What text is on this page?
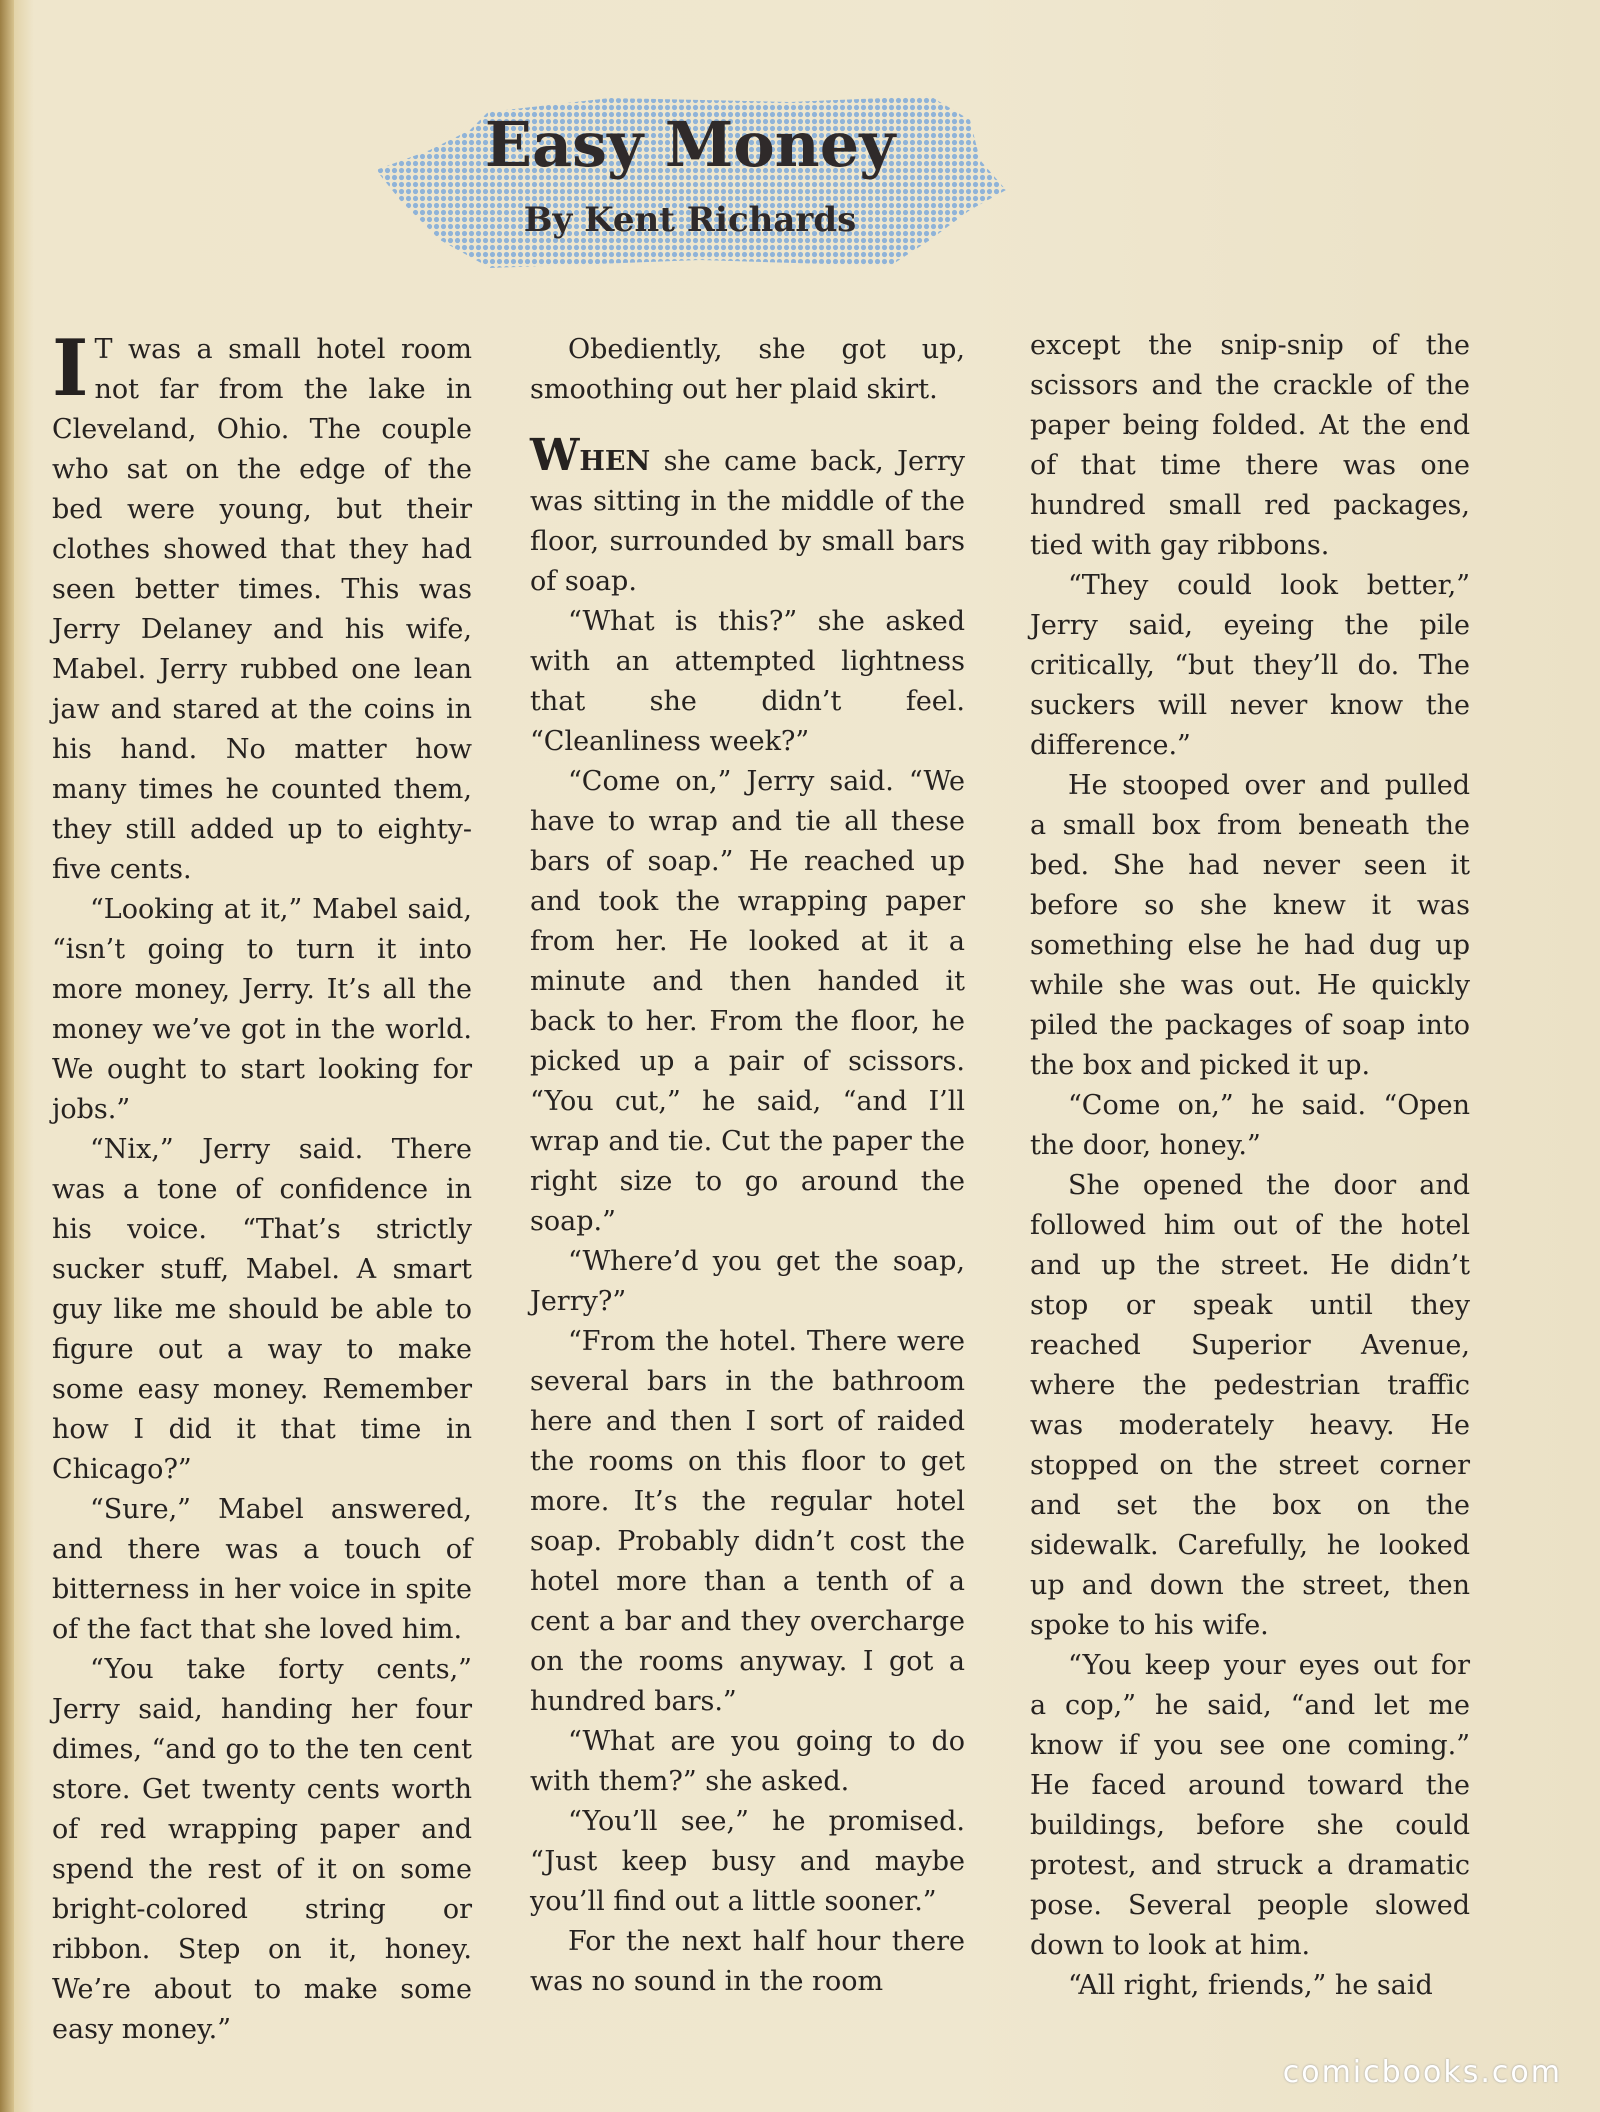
Easy Money
By Kent Richards

I T was a small hotel room not far from the lake in Cleveland, Ohio. The couple who sat on the edge of the bed were young, but their clothes showed that they had seen better times. This was Jerry Delaney and his wife, Mabel. Jerry rubbed one lean jaw and stared at the coins in his hand. No matter how many times he counted them, they still added up to eighty-five cents.

“Looking at it,” Mabel said, “isn’t going to turn it into more money, Jerry. It’s all the money we’ve got in the world. We ought to start looking for jobs.”

“Nix,” Jerry said. There was a tone of confidence in his voice. “That’s strictly sucker stuff, Mabel. A smart guy like me should be able to figure out a way to make some easy money. Remember how I did it that time in Chicago?”

“Sure,” Mabel answered, and there was a touch of bitterness in her voice in spite of the fact that she loved him.

“You take forty cents,” Jerry said, handing her four dimes, “and go to the ten cent store. Get twenty cents worth of red wrapping paper and spend the rest of it on some bright-colored string or ribbon. Step on it, honey. We’re about to make some easy money.”

Obediently, she got up, smoothing out her plaid skirt.

WHEN she came back, Jerry was sitting in the middle of the floor, surrounded by small bars of soap.

“What is this?” she asked with an attempted lightness that she didn’t feel. “Cleanliness week?”

“Come on,” Jerry said. “We have to wrap and tie all these bars of soap.” He reached up and took the wrapping paper from her. He looked at it a minute and then handed it back to her. From the floor, he picked up a pair of scissors. “You cut,” he said, “and I’ll wrap and tie. Cut the paper the right size to go around the soap.”

“Where’d you get the soap, Jerry?”

“From the hotel. There were several bars in the bathroom here and then I sort of raided the rooms on this floor to get more. It’s the regular hotel soap. Probably didn’t cost the hotel more than a tenth of a cent a bar and they overcharge on the rooms anyway. I got a hundred bars.”

“What are you going to do with them?” she asked.

“You’ll see,” he promised. “Just keep busy and maybe you’ll find out a little sooner.”

For the next half hour there was no sound in the room

except the snip-snip of the scissors and the crackle of the paper being folded. At the end of that time there was one hundred small red packages, tied with gay ribbons.

“They could look better,” Jerry said, eyeing the pile critically, “but they’ll do. The suckers will never know the difference.”

He stooped over and pulled a small box from beneath the bed. She had never seen it before so she knew it was something else he had dug up while she was out. He quickly piled the packages of soap into the box and picked it up.

“Come on,” he said. “Open the door, honey.”

She opened the door and followed him out of the hotel and up the street. He didn’t stop or speak until they reached Superior Avenue, where the pedestrian traffic was moderately heavy. He stopped on the street corner and set the box on the sidewalk. Carefully, he looked up and down the street, then spoke to his wife.

“You keep your eyes out for a cop,” he said, “and let me know if you see one coming.” He faced around toward the buildings, before she could protest, and struck a dramatic pose. Several people slowed down to look at him.

“All right, friends,” he said

comicbooks.com
